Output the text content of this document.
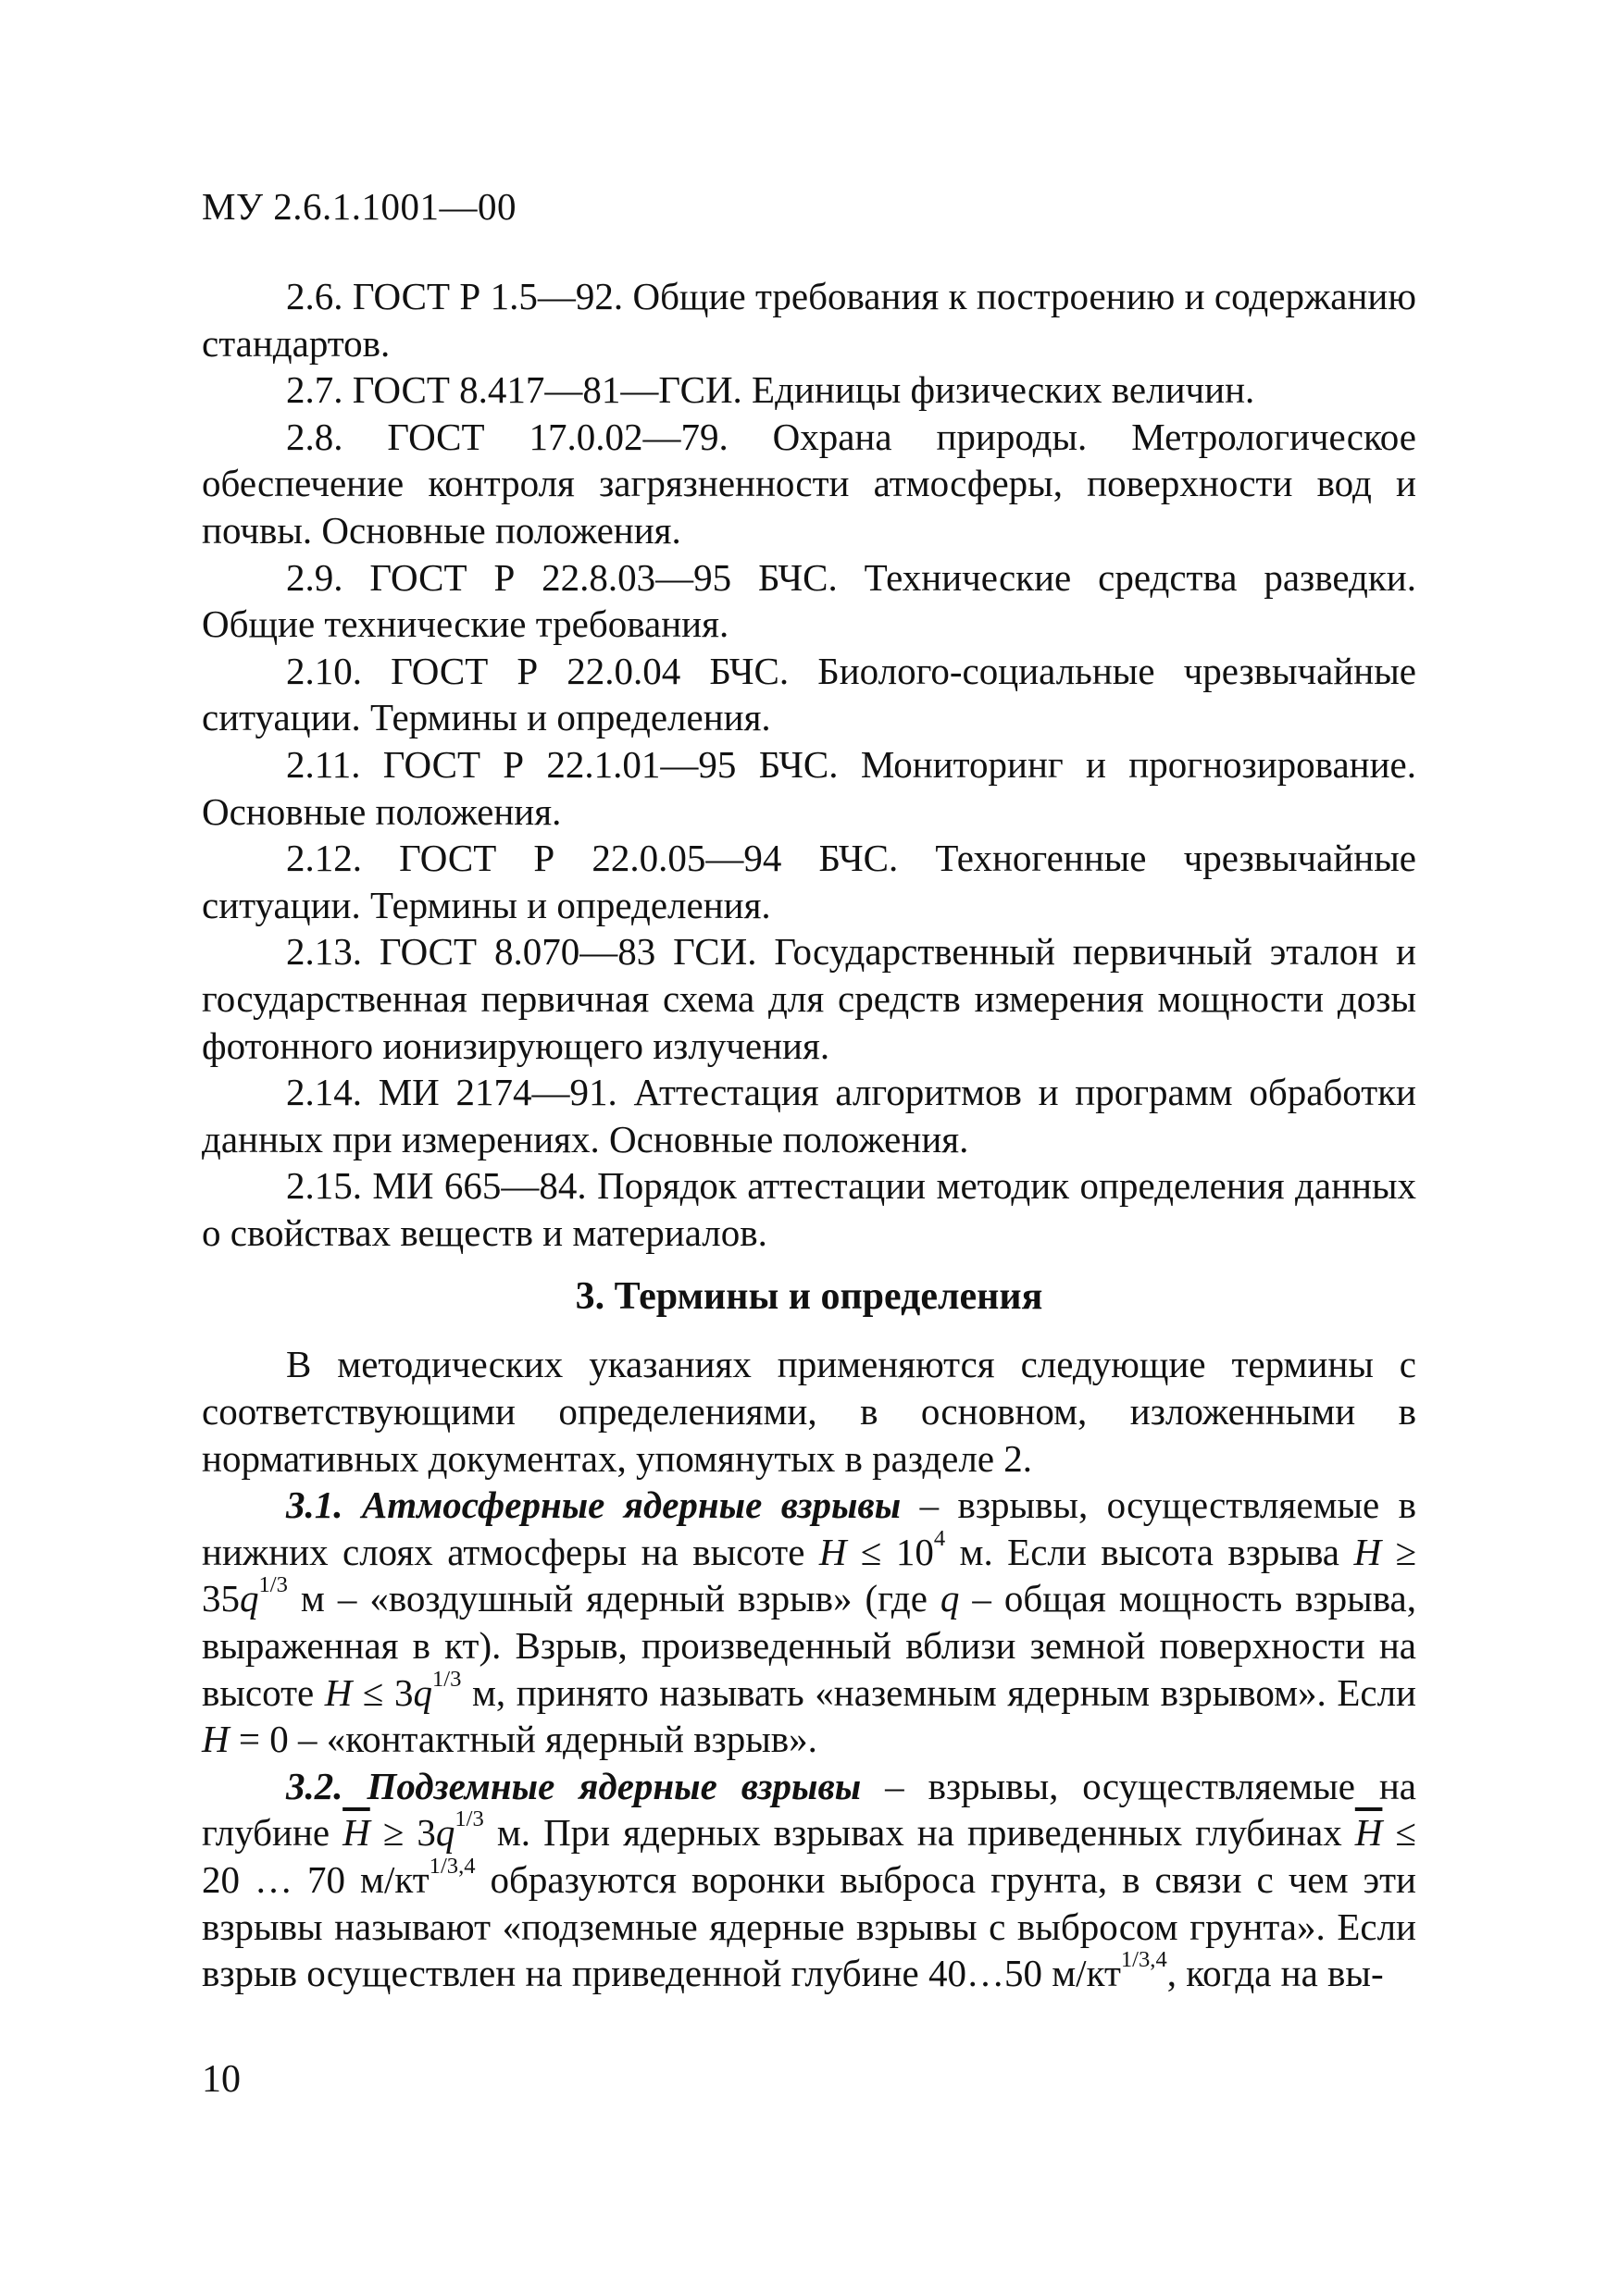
МУ 2.6.1.1001—00

2.6. ГОСТ Р 1.5—92. Общие требования к построению и содержанию стандартов.

2.7. ГОСТ 8.417—81—ГСИ. Единицы физических величин.

2.8. ГОСТ 17.0.02—79. Охрана природы. Метрологическое обеспечение контроля загрязненности атмосферы, поверхности вод и почвы. Основные положения.

2.9. ГОСТ Р 22.8.03—95 БЧС. Технические средства разведки. Общие технические требования.

2.10. ГОСТ Р 22.0.04 БЧС. Биолого-социальные чрезвычайные ситуации. Термины и определения.

2.11. ГОСТ Р 22.1.01—95 БЧС. Мониторинг и прогнозирование. Основные положения.

2.12. ГОСТ Р 22.0.05—94 БЧС. Техногенные чрезвычайные ситуации. Термины и определения.

2.13. ГОСТ 8.070—83 ГСИ. Государственный первичный эталон и государственная первичная схема для средств измерения мощности дозы фотонного ионизирующего излучения.

2.14. МИ 2174—91. Аттестация алгоритмов и программ обработки данных при измерениях. Основные положения.

2.15. МИ 665—84. Порядок аттестации методик определения данных о свойствах веществ и материалов.

3. Термины и определения

В методических указаниях применяются следующие термины с соответствующими определениями, в основном, изложенными в нормативных документах, упомянутых в разделе 2.

3.1. Атмосферные ядерные взрывы – взрывы, осуществляемые в нижних слоях атмосферы на высоте $H \le 10^4$ м. Если высота взрыва $H \ge 35q^{1/3}$ м – «воздушный ядерный взрыв» (где q – общая мощность взрыва, выраженная в кт). Взрыв, произведенный вблизи земной поверхности на высоте $H \le 3q^{1/3}$ м, принято называть «наземным ядерным взрывом». Если H = 0 – «контактный ядерный взрыв».

3.2. Подземные ядерные взрывы – взрывы, осуществляемые на глубине $\overline{H} \ge 3q^{1/3}$ м. При ядерных взрывах на приведенных глубинах $\overline{H} \le 20$ … 70 $м/кт^{1/3,4}$ образуются воронки выброса грунта, в связи с чем эти взрывы называют «подземные ядерные взрывы с выбросом грунта». Если взрыв осуществлен на приведенной глубине 40…50 $м/кт^{1/3,4}$, когда на вы-

10
